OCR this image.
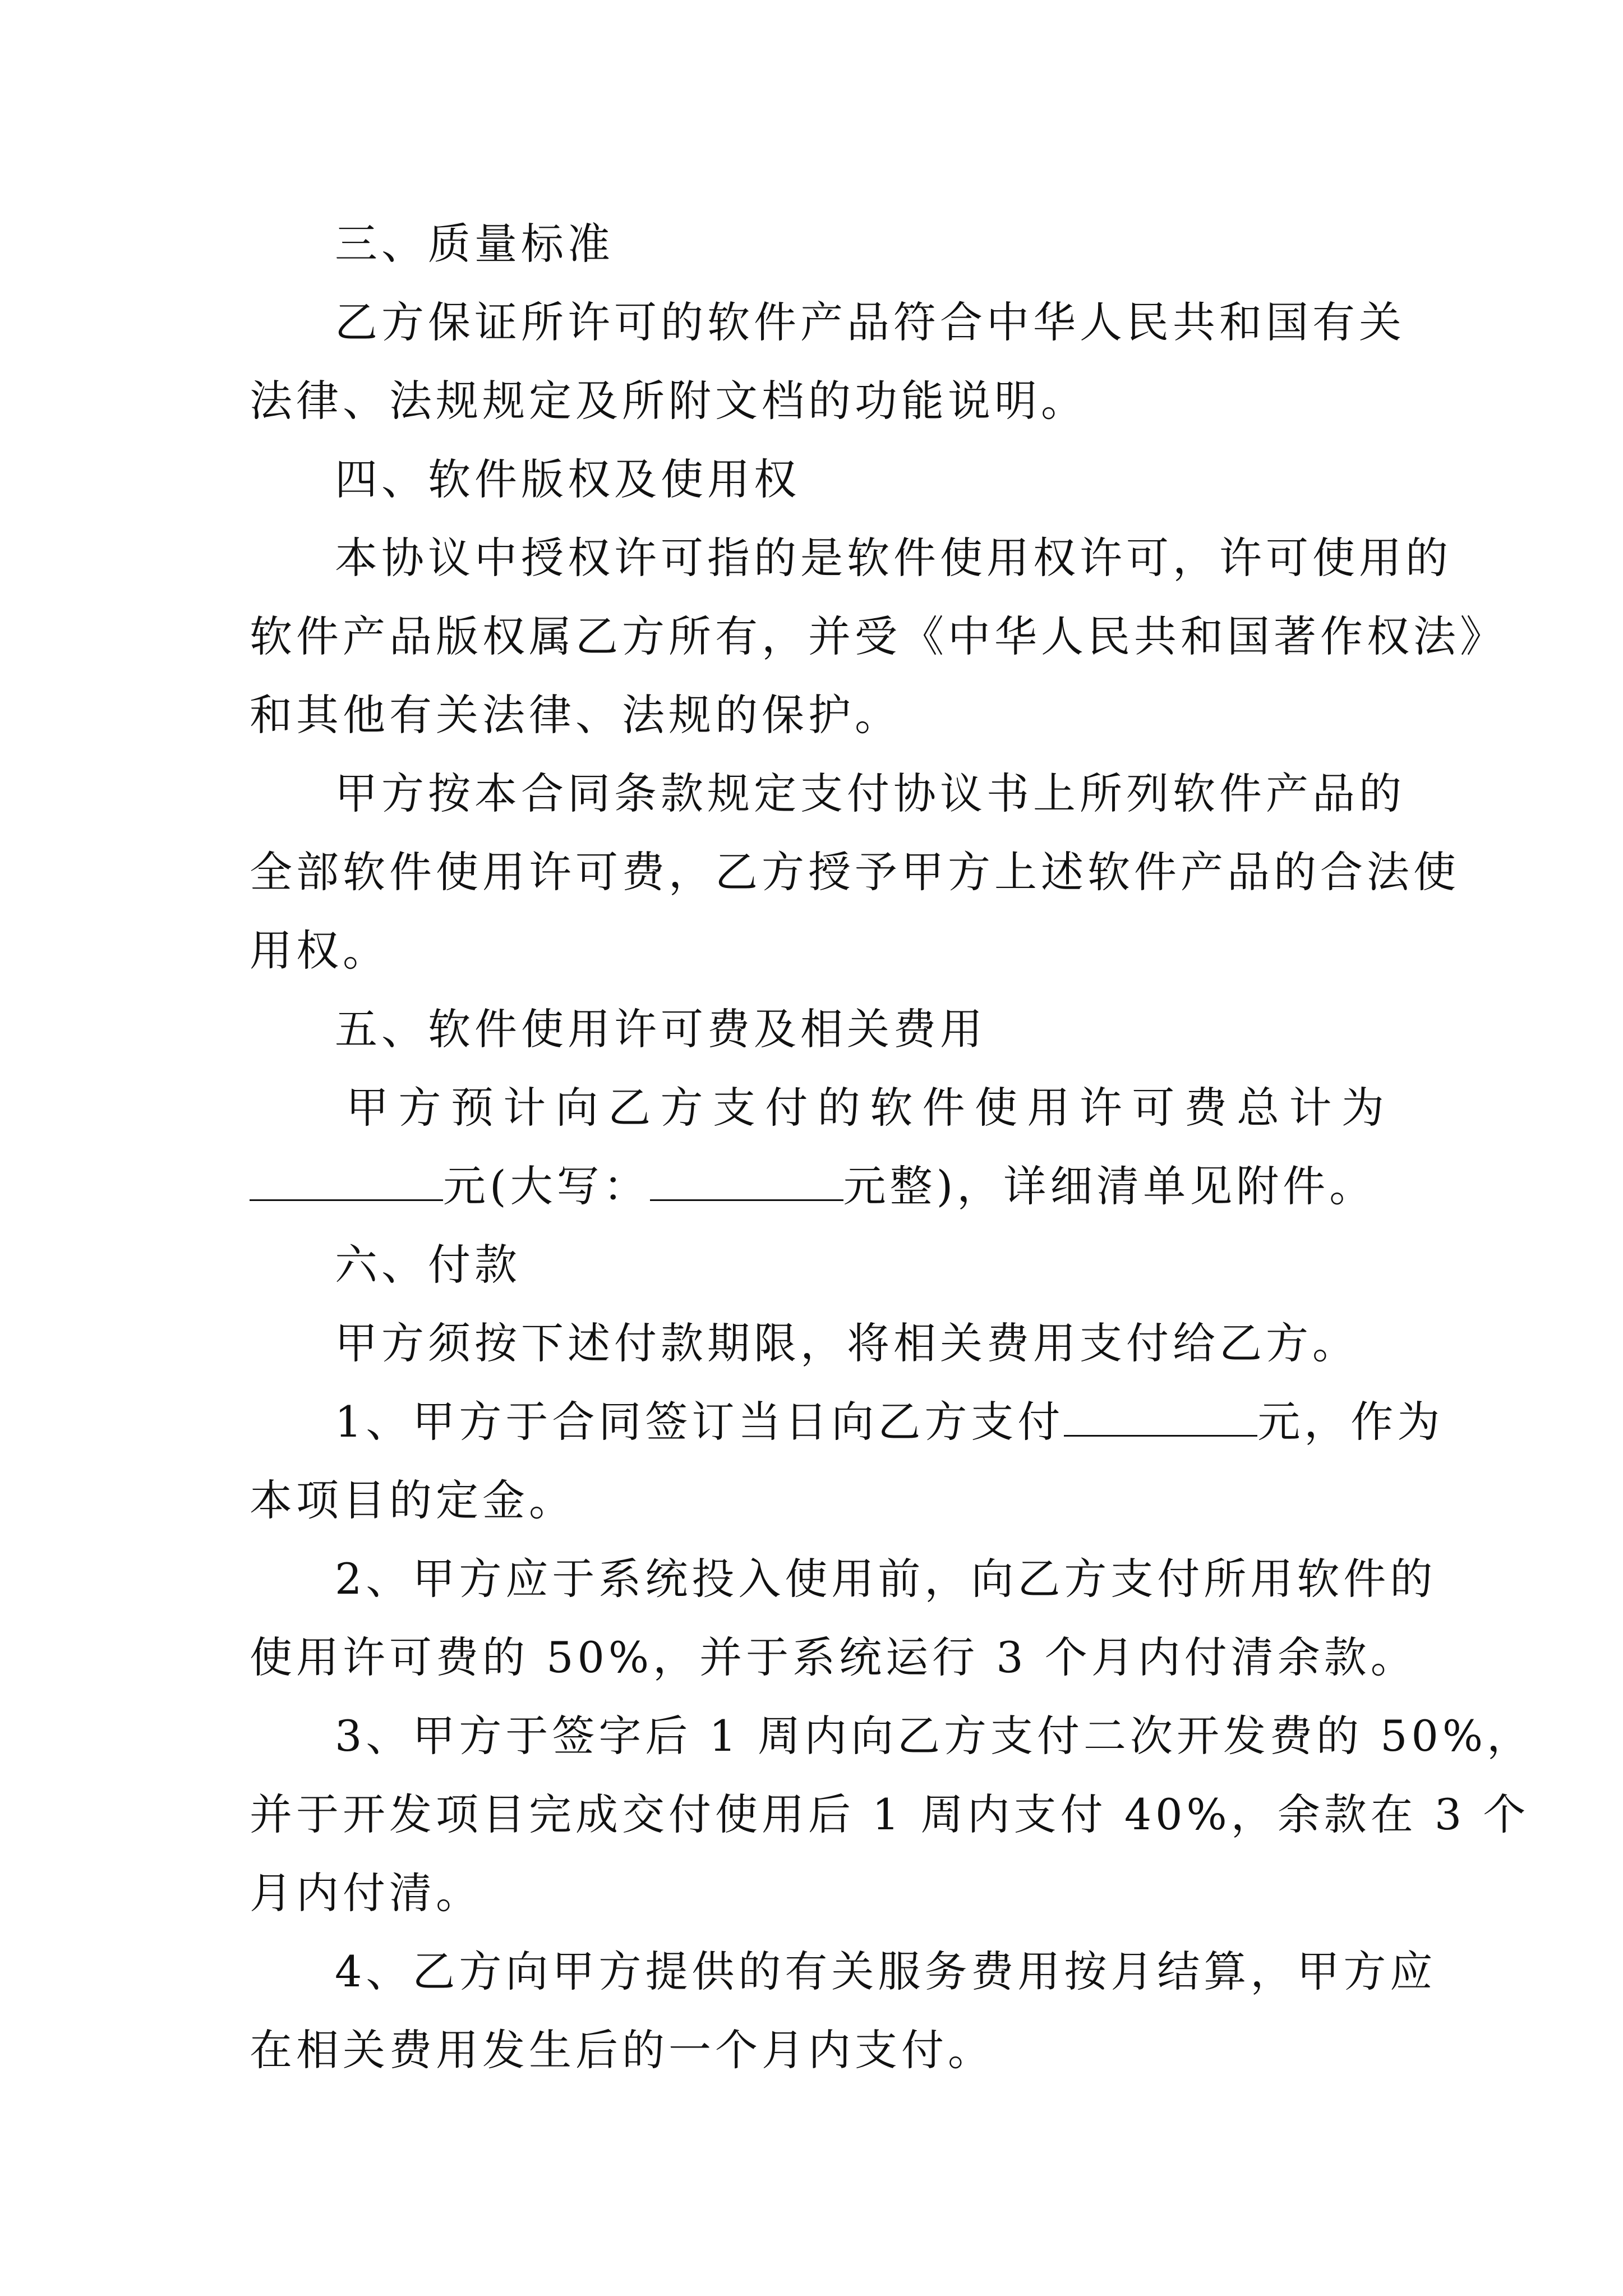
三、质量标准
乙方保证所许可的软件产品符合中华人民共和国有关
法律、法规规定及所附文档的功能说明。
四、软件版权及使用权
本协议中授权许可指的是软件使用权许可，许可使用的
软件产品版权属乙方所有，并受《中华人民共和国著作权法》
和其他有关法律、法规的保护。
甲方按本合同条款规定支付协议书上所列软件产品的
全部软件使用许可费，乙方授予甲方上述软件产品的合法使
用权。
五、软件使用许可费及相关费用
甲方预计向乙方支付的软件使用许可费总计为
元(大写：	元整)，详细清单见附件。
六、付款
甲方须按下述付款期限，将相关费用支付给乙方。
1、甲方于合同签订当日向乙方支付	元，作为
本项目的定金。
2、甲方应于系统投入使用前，向乙方支付所用软件的
使用许可费的 50%，并于系统运行 3 个月内付清余款。
3、甲方于签字后 1 周内向乙方支付二次开发费的 50%，
并于开发项目完成交付使用后 1 周内支付 40%，余款在 3 个
月内付清。
4、乙方向甲方提供的有关服务费用按月结算，甲方应
在相关费用发生后的一个月内支付。
